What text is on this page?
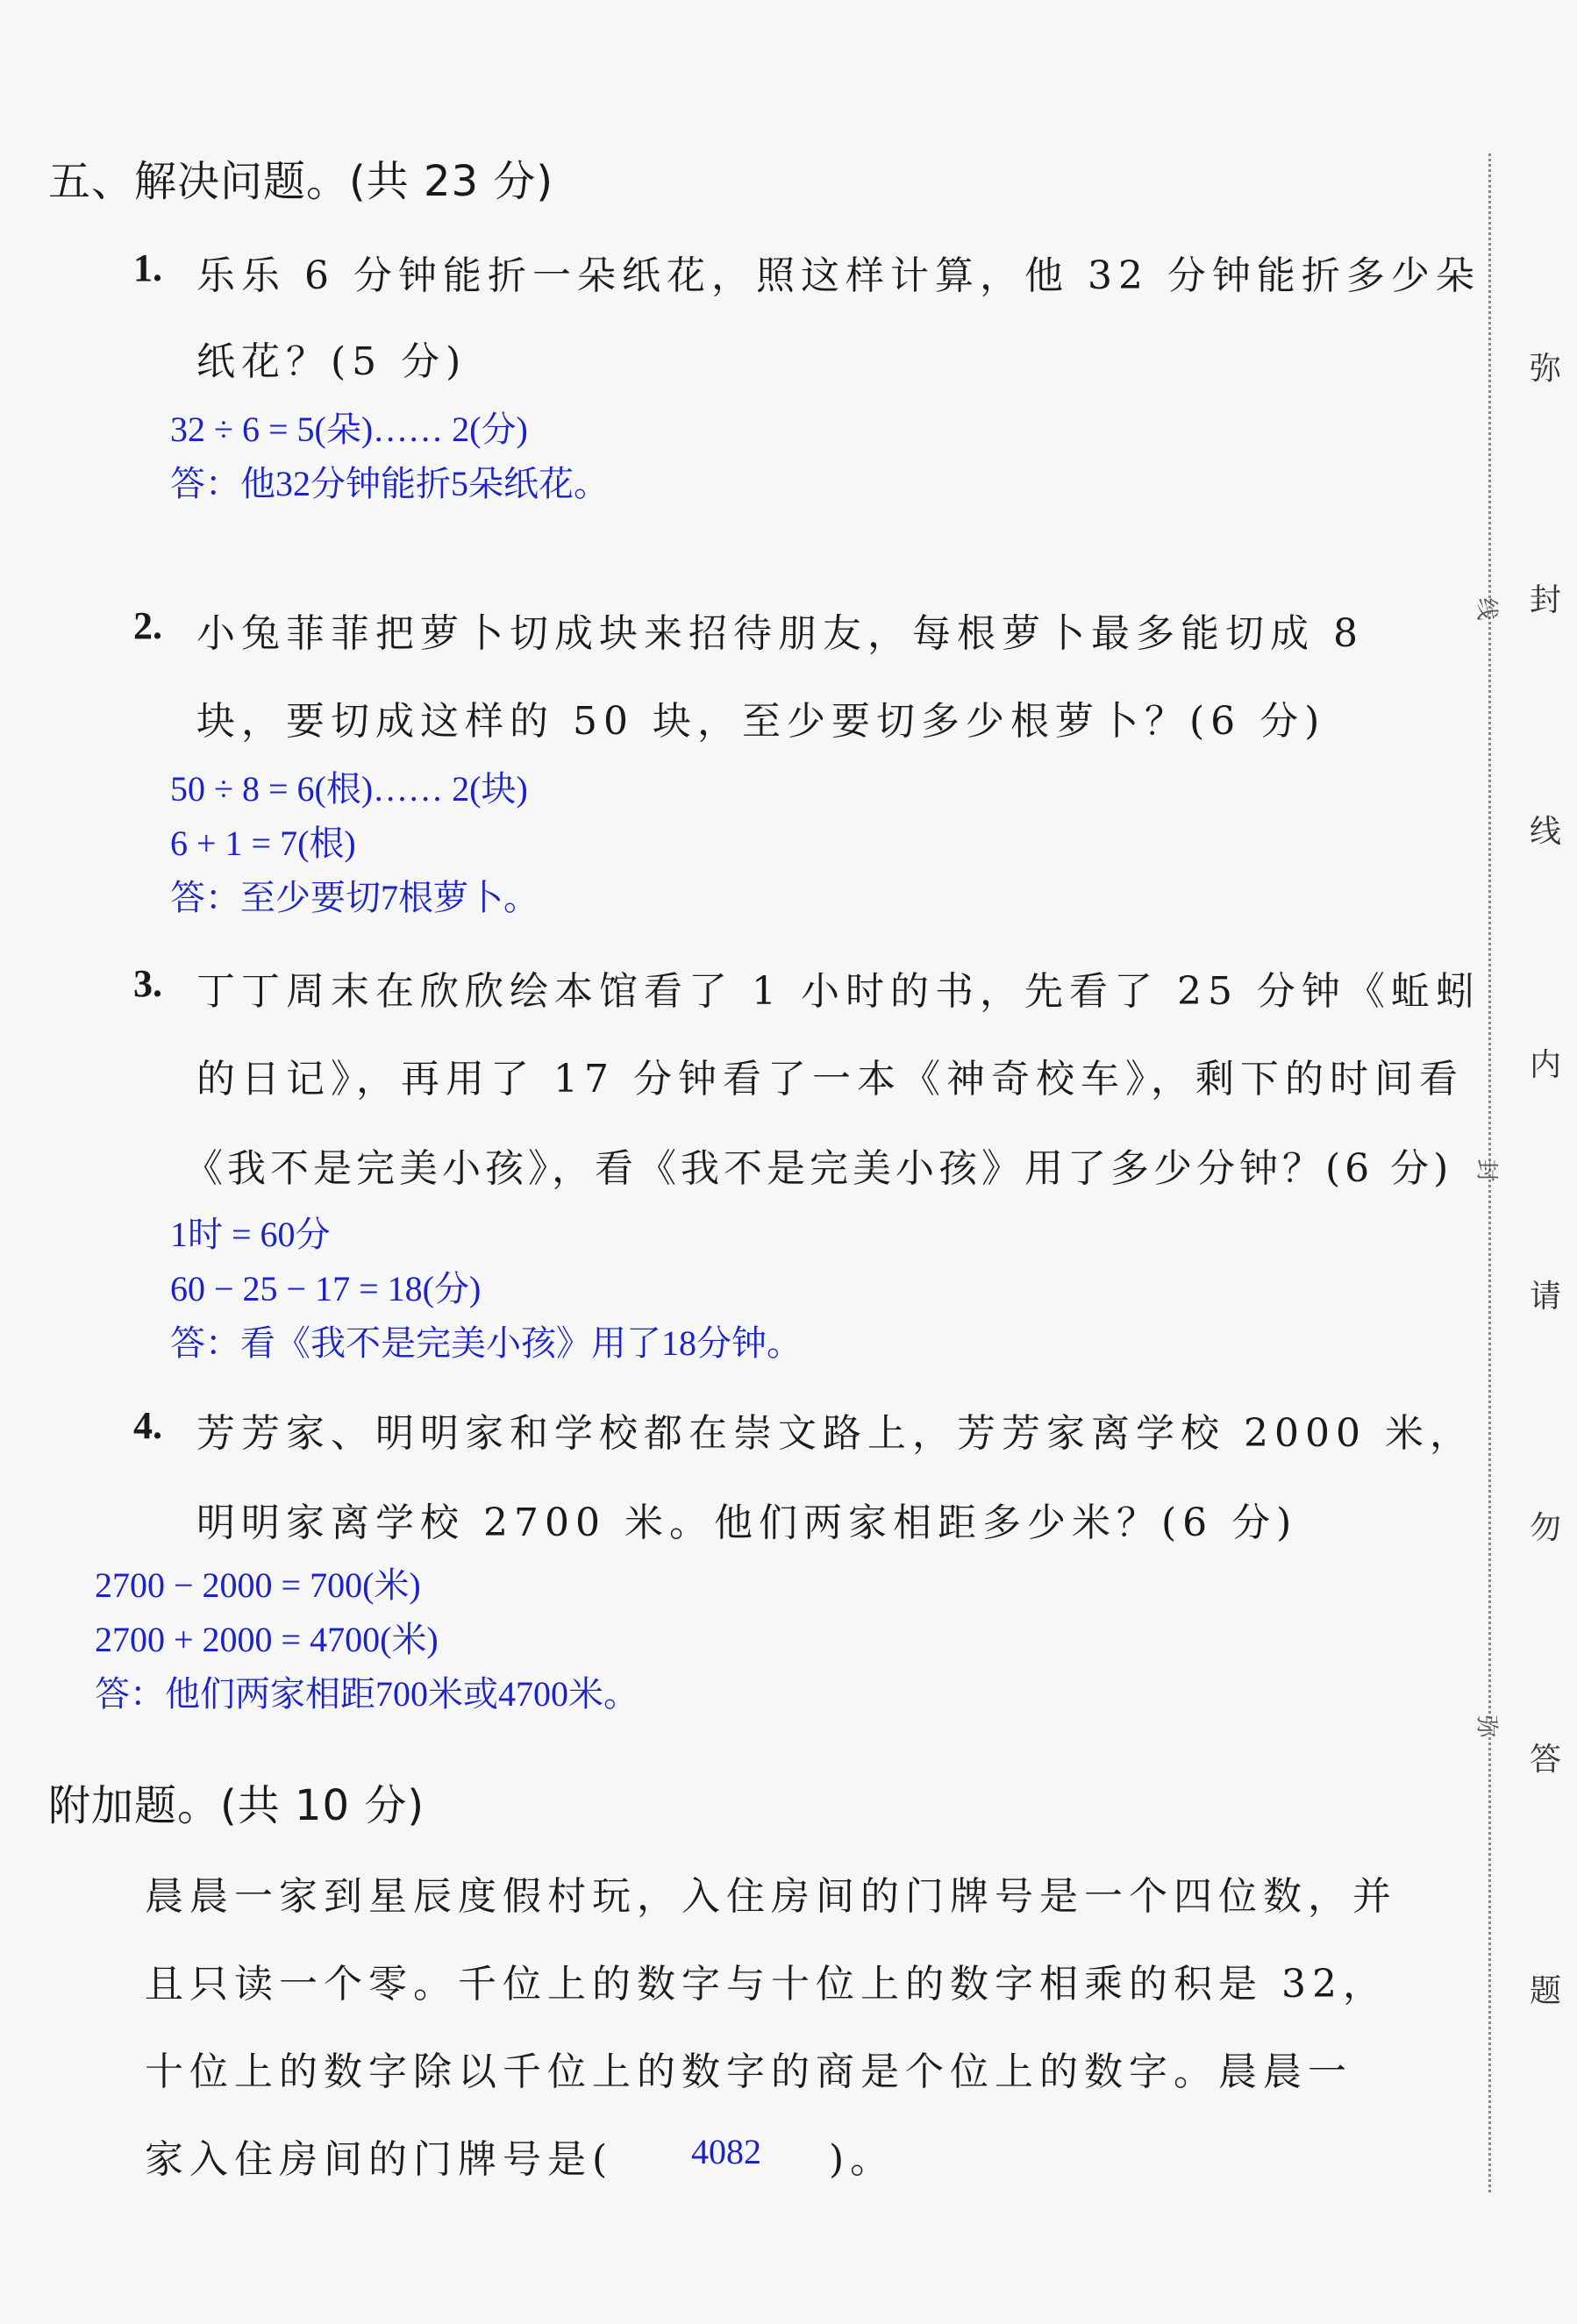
五、解决问题。(共 23 分)
1. 乐乐 6 分钟能折一朵纸花，照这样计算，他 32 分钟能折多少朵
纸花？(5 分)
32 ÷ 6 = 5(朵)…… 2(分)
答：他32分钟能折5朵纸花。
2. 小兔菲菲把萝卜切成块来招待朋友，每根萝卜最多能切成 8
块，要切成这样的 50 块，至少要切多少根萝卜？(6 分)
50 ÷ 8 = 6(根)…… 2(块)
6 + 1 = 7(根)
答：至少要切7根萝卜。
3. 丁丁周末在欣欣绘本馆看了 1 小时的书，先看了 25 分钟《蚯蚓
的日记》，再用了 17 分钟看了一本《神奇校车》，剩下的时间看
《我不是完美小孩》，看《我不是完美小孩》用了多少分钟？(6 分)
1时 = 60分
60 − 25 − 17 = 18(分)
答：看《我不是完美小孩》用了18分钟。
4. 芳芳家、明明家和学校都在崇文路上，芳芳家离学校 2000 米，
明明家离学校 2700 米。他们两家相距多少米？(6 分)
2700 − 2000 = 700(米)
2700 + 2000 = 4700(米)
答：他们两家相距700米或4700米。
附加题。(共 10 分)
晨晨一家到星辰度假村玩，入住房间的门牌号是一个四位数，并
且只读一个零。千位上的数字与十位上的数字相乘的积是 32，
十位上的数字除以千位上的数字的商是个位上的数字。晨晨一
家入住房间的门牌号是( 4082 )。
线
封
弥
弥
封
线
内
请
勿
答
题
